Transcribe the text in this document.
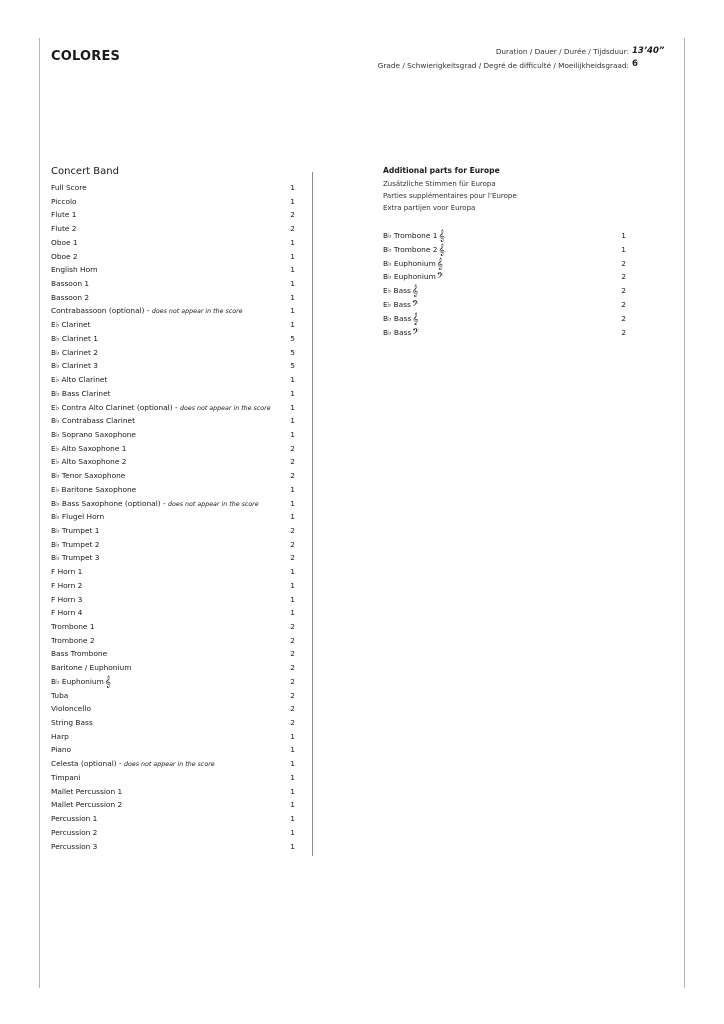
COLORES	Duration / Dauer / Durée / Tijdsduur: 13’40”
Grade / Schwierigkeitsgrad / Degré de difficulté / Moeilijkheidsgraad: 6
Concert Band
Full Score	1
Piccolo	1
Flute 1	2
Flute 2	2
Oboe 1	1
Oboe 2	1
English Horn	1
Bassoon 1	1
Bassoon 2	1
Contrabassoon (optional) - does not appear in the score	1
E♭ Clarinet	1
B♭ Clarinet 1	5
B♭ Clarinet 2	5
B♭ Clarinet 3	5
E♭ Alto Clarinet	1
B♭ Bass Clarinet	1
E♭ Contra Alto Clarinet (optional) - does not appear in the score	1
B♭ Contrabass Clarinet	1
B♭ Soprano Saxophone	1
E♭ Alto Saxophone 1	2
E♭ Alto Saxophone 2	2
B♭ Tenor Saxophone	2
E♭ Baritone Saxophone	1
B♭ Bass Saxophone (optional) - does not appear in the score	1
B♭ Flugel Horn	1
B♭ Trumpet 1	2
B♭ Trumpet 2	2
B♭ Trumpet 3	2
F Horn 1	1
F Horn 2	1
F Horn 3	1
F Horn 4	1
Trombone 1	2
Trombone 2	2
Bass Trombone	2
Baritone / Euphonium	2
B♭ Euphonium𝄞	2
Tuba	2
Violoncello	2
String Bass	2
Harp	1
Piano	1
Celesta (optional) - does not appear in the score	1
Timpani	1
Mallet Percussion 1	1
Mallet Percussion 2	1
Percussion 1	1
Percussion 2	1
Percussion 3	1
Additional parts for Europe
Zusätzliche Stimmen für Europa
Parties supplémentaires pour l’Europe
Extra partijen voor Europa
B♭ Trombone 1𝄞	1
B♭ Trombone 2𝄞	1
B♭ Euphonium𝄞	2
B♭ Euphonium𝄢	2
E♭ Bass𝄞	2
E♭ Bass𝄢	2
B♭ Bass𝄞	2
B♭ Bass𝄢	2
